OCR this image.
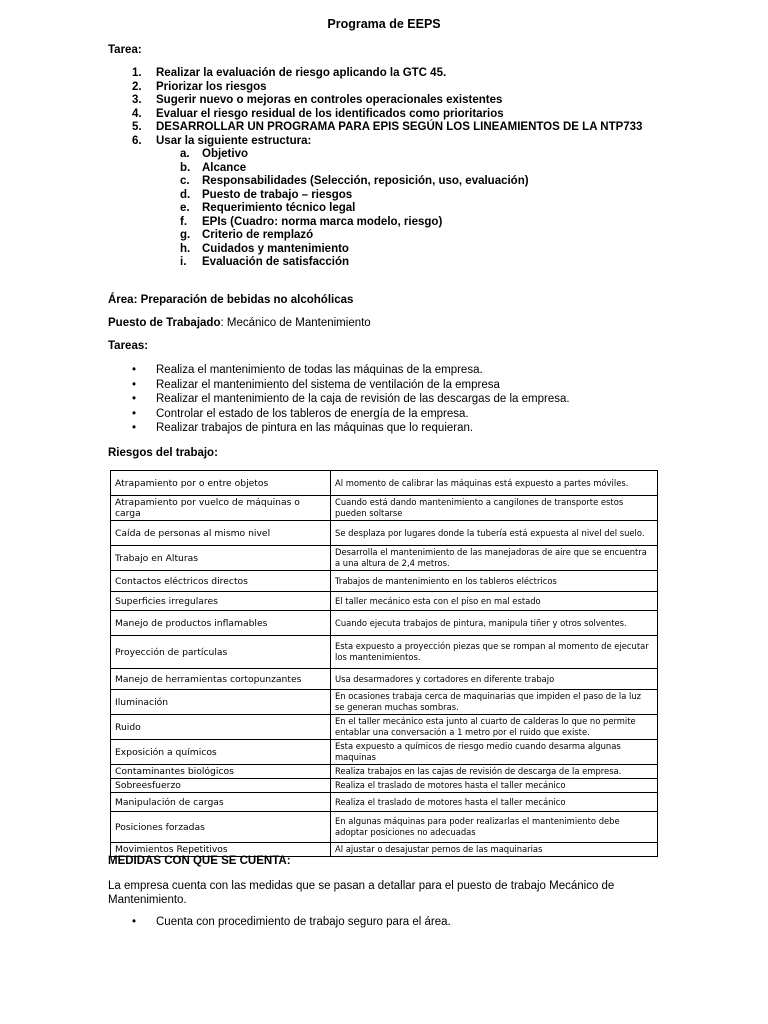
Programa de EEPS
Tarea:
1. Realizar la evaluación de riesgo aplicando la GTC 45.
2. Priorizar los riesgos
3. Sugerir nuevo o mejoras en controles operacionales existentes
4. Evaluar el riesgo residual de los identificados como prioritarios
5. DESARROLLAR UN PROGRAMA PARA EPIS SEGÚN LOS LINEAMIENTOS DE LA NTP733
6. Usar la siguiente estructura:
a. Objetivo
b. Alcance
c. Responsabilidades (Selección, reposición, uso, evaluación)
d. Puesto de trabajo – riesgos
e. Requerimiento técnico legal
f. EPIs (Cuadro: norma marca modelo, riesgo)
g. Criterio de remplazó
h. Cuidados y mantenimiento
i. Evaluación de satisfacción
Área: Preparación de bebidas no alcohólicas
Puesto de Trabajado: Mecánico de Mantenimiento
Tareas:
• Realiza el mantenimiento de todas las máquinas de la empresa.
• Realizar el mantenimiento del sistema de ventilación de la empresa
• Realizar el mantenimiento de la caja de revisión de las descargas de la empresa.
• Controlar el estado de los tableros de energía de la empresa.
• Realizar trabajos de pintura en las máquinas que lo requieran.
Riesgos del trabajo:
Atrapamiento por o entre objetos	Al momento de calibrar las máquinas está expuesto a partes móviles.
Atrapamiento por vuelco de máquinas o carga	Cuando está dando mantenimiento a cangilones de transporte estos pueden soltarse
Caída de personas al mismo nivel	Se desplaza por lugares donde la tubería está expuesta al nivel del suelo.
Trabajo en Alturas	Desarrolla el mantenimiento de las manejadoras de aire que se encuentra a una altura de 2,4 metros.
Contactos eléctricos directos	Trabajos de mantenimiento en los tableros eléctricos
Superficies irregulares	El taller mecánico esta con el piso en mal estado
Manejo de productos inflamables	Cuando ejecuta trabajos de pintura, manipula tiñer y otros solventes.
Proyección de partículas	Esta expuesto a proyección piezas que se rompan al momento de ejecutar los mantenimientos.
Manejo de herramientas cortopunzantes	Usa desarmadores y cortadores en diferente trabajo
Iluminación	En ocasiones trabaja cerca de maquinarias que impiden el paso de la luz se generan muchas sombras.
Ruido	En el taller mecánico esta junto al cuarto de calderas lo que no permite entablar una conversación a 1 metro por el ruido que existe.
Exposición a químicos	Esta expuesto a químicos de riesgo medio cuando desarma algunas maquinas
Contaminantes biológicos	Realiza trabajos en las cajas de revisión de descarga de la empresa.
Sobreesfuerzo	Realiza el traslado de motores hasta el taller mecánico
Manipulación de cargas	Realiza el traslado de motores hasta el taller mecánico
Posiciones forzadas	En algunas máquinas para poder realizarlas el mantenimiento debe adoptar posiciones no adecuadas
Movimientos Repetitivos	Al ajustar o desajustar pernos de las maquinarias
MEDIDAS CON QUE SE CUENTA:
La empresa cuenta con las medidas que se pasan a detallar para el puesto de trabajo Mecánico de Mantenimiento.
• Cuenta con procedimiento de trabajo seguro para el área.
